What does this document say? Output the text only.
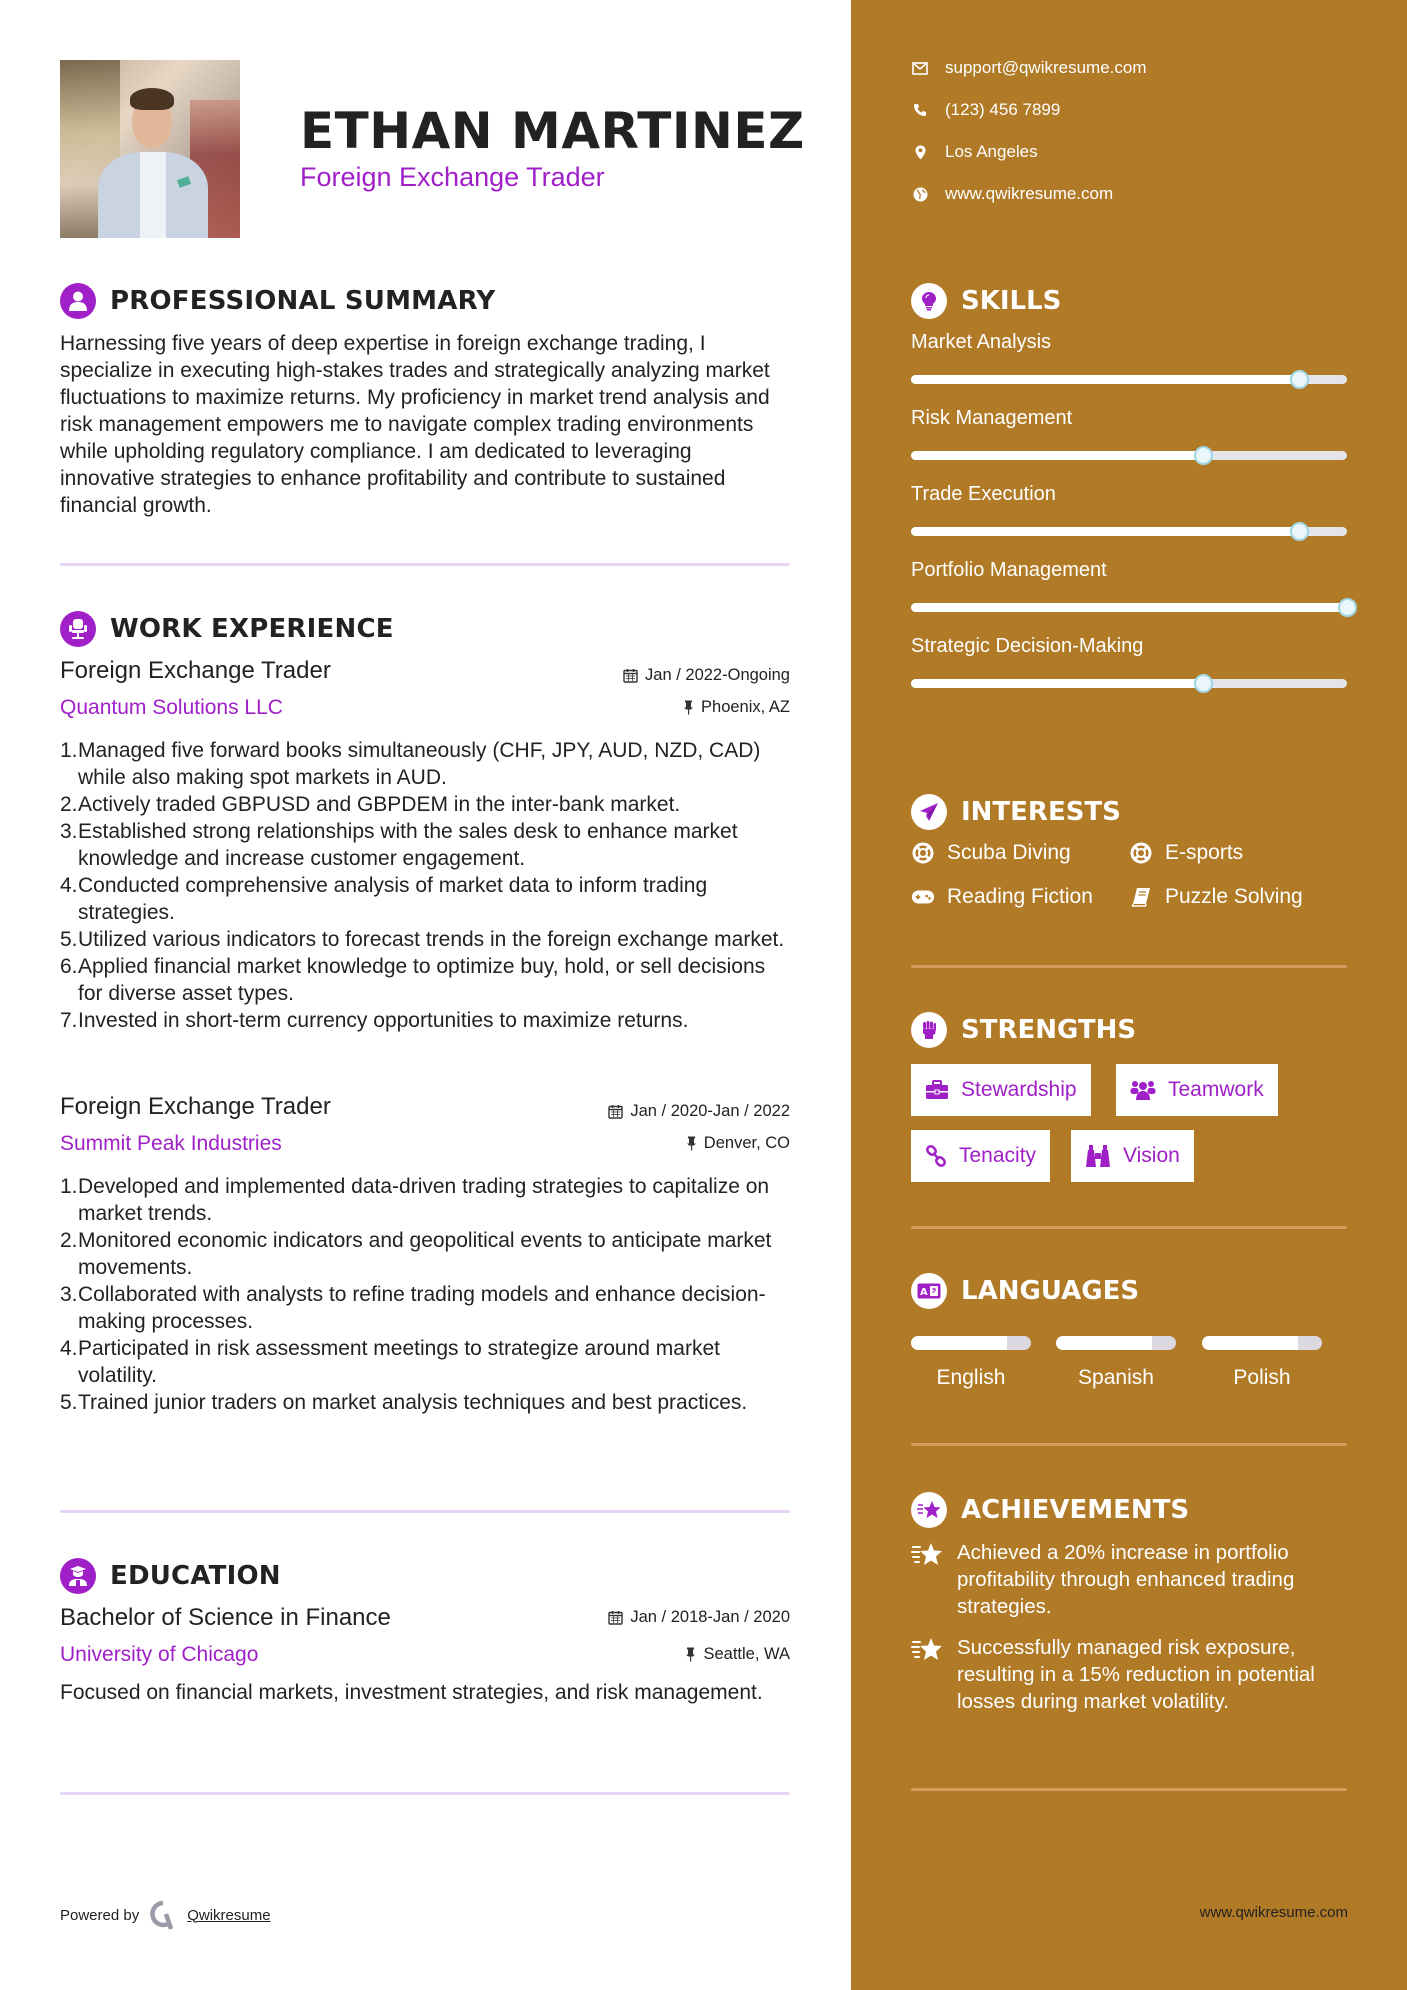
ETHAN MARTINEZ
Foreign Exchange Trader
PROFESSIONAL SUMMARY

Harnessing five years of deep expertise in foreign exchange trading, I specialize in executing high-stakes trades and strategically analyzing market fluctuations to maximize returns. My proficiency in market trend analysis and risk management empowers me to navigate complex trading environments while upholding regulatory compliance. I am dedicated to leveraging innovative strategies to enhance profitability and contribute to sustained financial growth.

WORK EXPERIENCE
Foreign Exchange Trader	Jan / 2022-Ongoing
Quantum Solutions LLC	Phoenix, AZ
1. Managed five forward books simultaneously (CHF, JPY, AUD, NZD, CAD) while also making spot markets in AUD.
2. Actively traded GBPUSD and GBPDEM in the inter-bank market.
3. Established strong relationships with the sales desk to enhance market knowledge and increase customer engagement.
4. Conducted comprehensive analysis of market data to inform trading strategies.
5. Utilized various indicators to forecast trends in the foreign exchange market.
6. Applied financial market knowledge to optimize buy, hold, or sell decisions for diverse asset types.
7. Invested in short-term currency opportunities to maximize returns.
Foreign Exchange Trader	Jan / 2020-Jan / 2022
Summit Peak Industries	Denver, CO
1. Developed and implemented data-driven trading strategies to capitalize on market trends.
2. Monitored economic indicators and geopolitical events to anticipate market movements.
3. Collaborated with analysts to refine trading models and enhance decision-making processes.
4. Participated in risk assessment meetings to strategize around market volatility.
5. Trained junior traders on market analysis techniques and best practices.
EDUCATION
Bachelor of Science in Finance	Jan / 2018-Jan / 2020
University of Chicago	Seattle, WA

Focused on financial markets, investment strategies, and risk management.

Powered by	Qwikresume
support@qwikresume.com
(123) 456 7899
Los Angeles
www.qwikresume.com
SKILLS
Market Analysis
Risk Management
Trade Execution
Portfolio Management
Strategic Decision-Making
INTERESTS
Scuba Diving	E-sports
Reading Fiction	Puzzle Solving
STRENGTHS
Stewardship	Teamwork
Tenacity	Vision
A LANGUAGES
English	Spanish	Polish
ACHIEVEMENTS
Achieved a 20% increase in portfolio profitability through enhanced trading strategies.
Successfully managed risk exposure, resulting in a 15% reduction in potential losses during market volatility.
www.qwikresume.com
